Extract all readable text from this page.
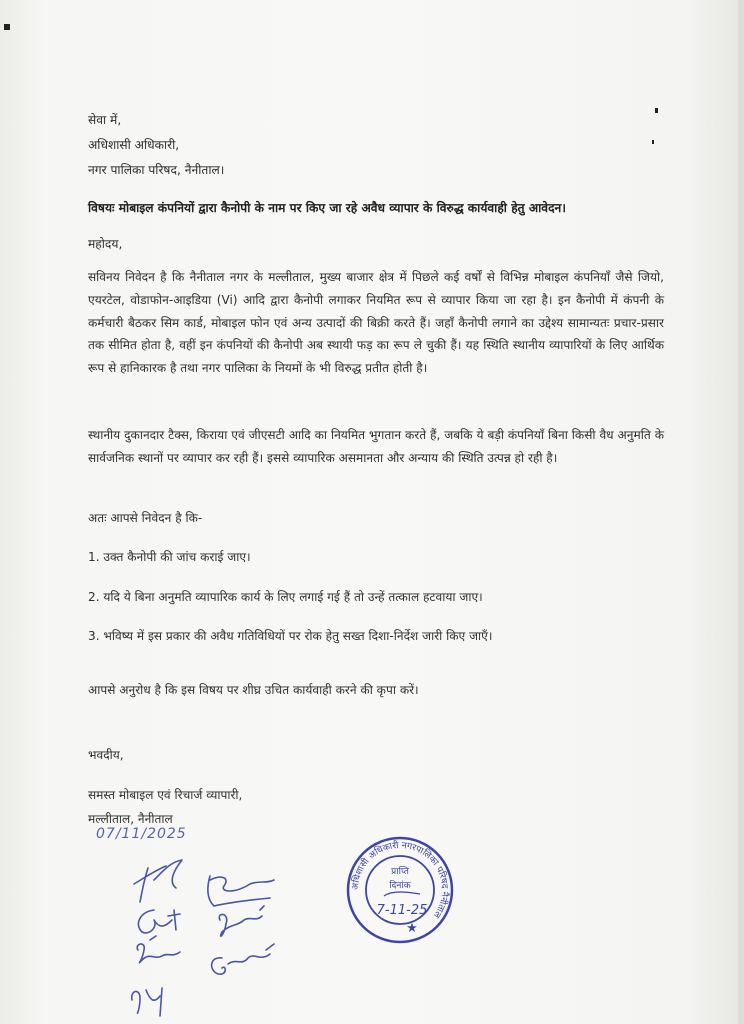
सेवा में,
अधिशासी अधिकारी,
नगर पालिका परिषद, नैनीताल।
विषयः मोबाइल कंपनियों द्वारा कैनोपी के नाम पर किए जा रहे अवैध व्यापार के विरुद्ध कार्यवाही हेतु आवेदन।
महोदय,
सविनय निवेदन है कि नैनीताल नगर के मल्लीताल, मुख्य बाजार क्षेत्र में पिछले कई वर्षों से विभिन्न मोबाइल कंपनियाँ जैसे जियो, एयरटेल, वोडाफोन-आइडिया (Vi) आदि द्वारा कैनोपी लगाकर नियमित रूप से व्यापार किया जा रहा है। इन कैनोपी में कंपनी के कर्मचारी बैठकर सिम कार्ड, मोबाइल फोन एवं अन्य उत्पादों की बिक्री करते हैं। जहाँ कैनोपी लगाने का उद्देश्य सामान्यतः प्रचार-प्रसार तक सीमित होता है, वहीं इन कंपनियों की कैनोपी अब स्थायी फड़ का रूप ले चुकी हैं। यह स्थिति स्थानीय व्यापारियों के लिए आर्थिक रूप से हानिकारक है तथा नगर पालिका के नियमों के भी विरुद्ध प्रतीत होती है।
स्थानीय दुकानदार टैक्स, किराया एवं जीएसटी आदि का नियमित भुगतान करते हैं, जबकि ये बड़ी कंपनियाँ बिना किसी वैध अनुमति के सार्वजनिक स्थानों पर व्यापार कर रही हैं। इससे व्यापारिक असमानता और अन्याय की स्थिति उत्पन्न हो रही है।
अतः आपसे निवेदन है कि-
1. उक्त कैनोपी की जांच कराई जाए।
2. यदि ये बिना अनुमति व्यापारिक कार्य के लिए लगाई गई हैं तो उन्हें तत्काल हटवाया जाए।
3. भविष्य में इस प्रकार की अवैध गतिविधियों पर रोक हेतु सख्त दिशा-निर्देश जारी किए जाएँ।
आपसे अनुरोध है कि इस विषय पर शीघ्र उचित कार्यवाही करने की कृपा करें।
भवदीय,
समस्त मोबाइल एवं रिचार्ज व्यापारी,
मल्लीताल, नैनीताल
07/11/2025
अधिशासी अधिकारी नगरपालिका परिषद नैनीताल
प्राप्ति
दिनांक
7-11-25
★
